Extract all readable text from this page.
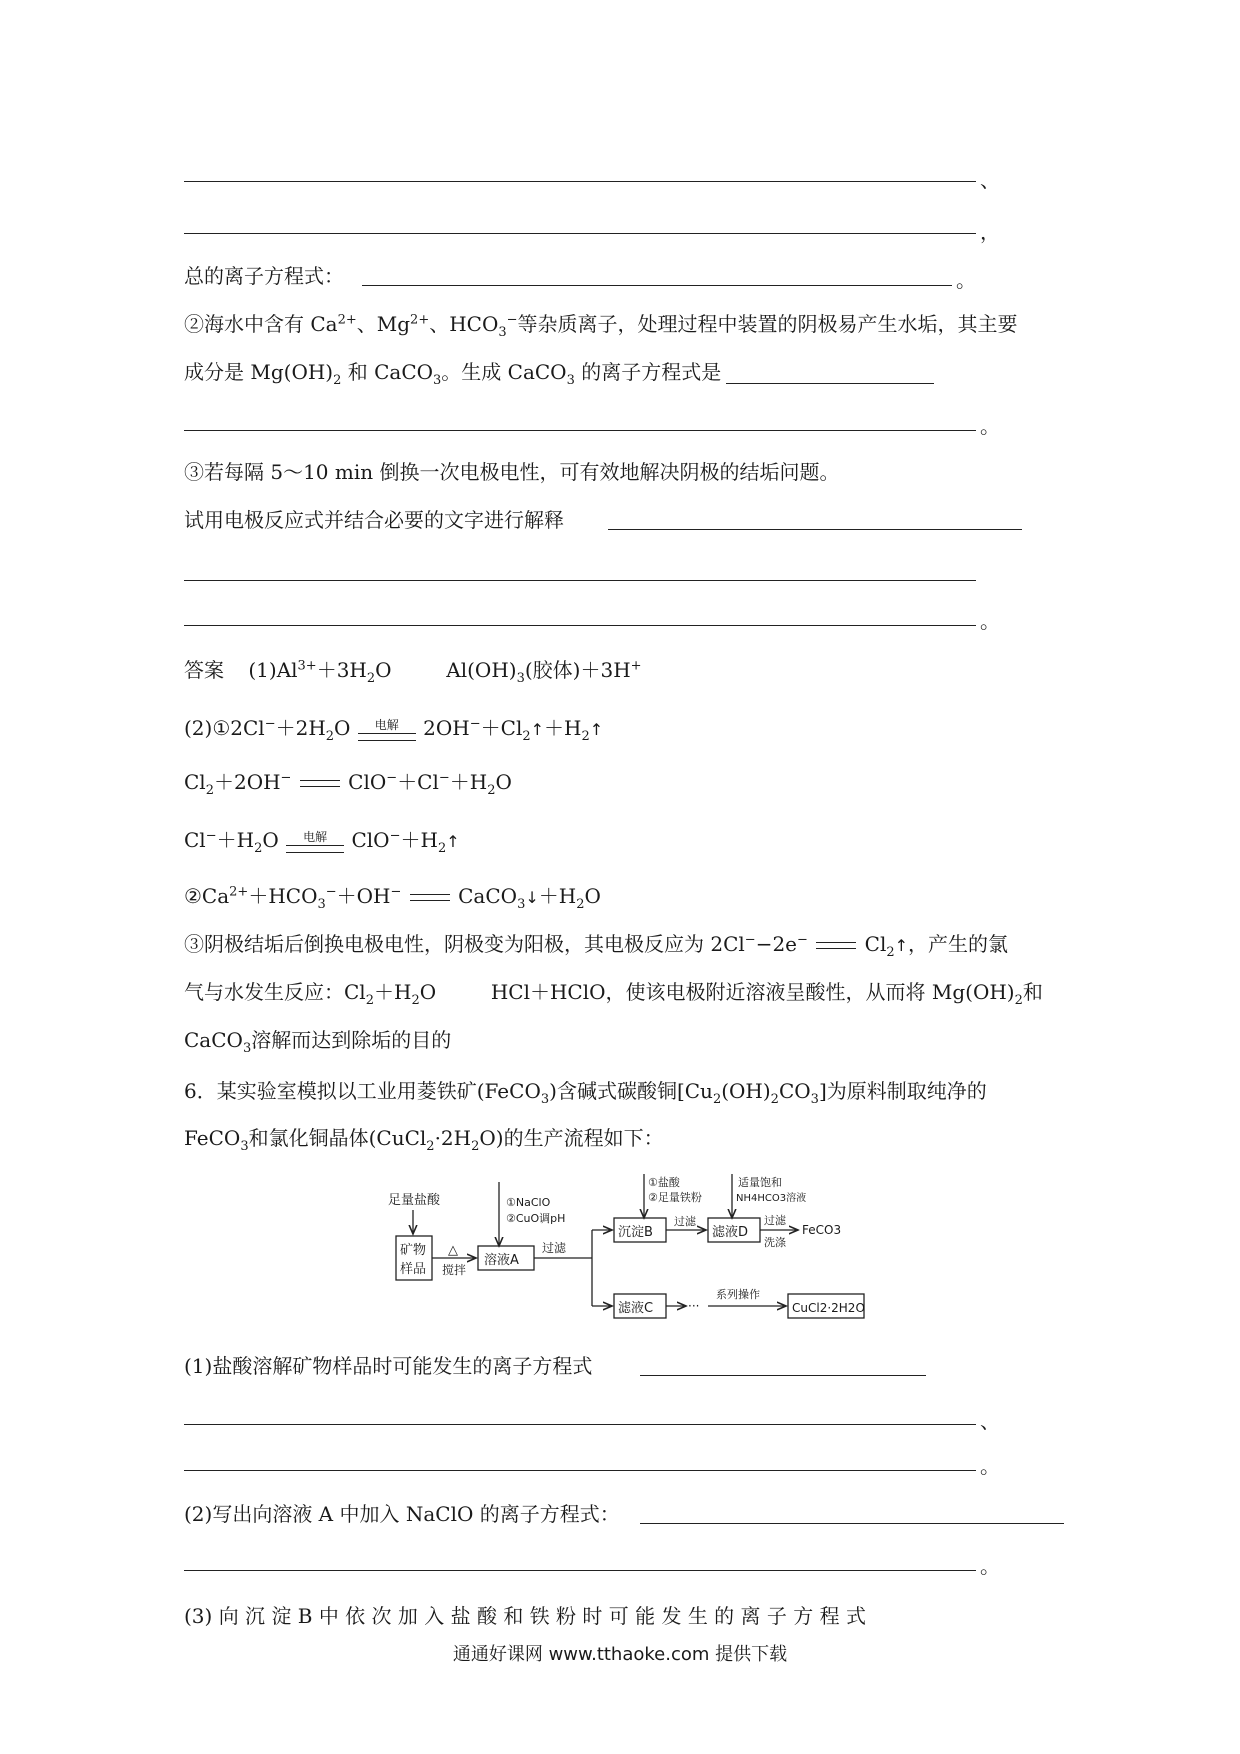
、
，
总的离子方程式：	。
②海水中含有 $Ca^{2+}$、$Mg^{2+}$、$HCO_3^-$等杂质离子，处理过程中装置的阴极易产生水垢，其主要
成分是 $Mg(OH)_2$ 和 CaCO$_3$。生成 CaCO$_3$ 的离子方程式是
。
③若每隔 5～10 min 倒换一次电极电性，可有效地解决阴极的结垢问题。
试用电极反应式并结合必要的文字进行解释
。
答案 $(1)Al^{3+}+3H_2O$	$Al(OH)_3$(胶体)＋3H+
$(2)①2Cl^-+2H_2O$	电解	$2OH^-+Cl_2↑+H_2↑$
$Cl_2+2OH^-$	$ClO^-+Cl^-+H_2O$
$Cl^-+H_2O$	电解	$ClO^-+H_2↑$
$②Ca^{2+}+HCO_3^-+OH^-$	$CaCO_3↓+H_2O$
③阴极结垢后倒换电极电性，阴极变为阳极，其电极反应为 2Cl−−2e−	$Cl_2↑$，产生的氯
气与水发生反应：$Cl_2+H_2O$	HCl＋HClO，使该电极附近溶液呈酸性，从而将 $Mg(OH)_2$和
CaCO$_3$溶解而达到除垢的目的
6．某实验室模拟以工业用菱铁矿(FeCO$_3$)含碱式碳酸铜$[Cu_2(OH)_2CO_3]$为原料制取纯净的
FeCO$_3$和氯化铜晶体$(CuCl_2\cdot 2H_2O)$的生产流程如下：
足量盐酸
矿物
样品
△
搅拌
溶液A
①NaClO
②CuO调pH
过滤
沉淀B
①盐酸
②足量铁粉
过滤
滤液D
适量饱和
NH4HCO3溶液
过滤
洗涤
FeCO3
滤液C	···
系列操作
CuCl2·2H2O
(1)盐酸溶解矿物样品时可能发生的离子方程式
、
。
(2)写出向溶液 A 中加入 NaClO 的离子方程式：
。
(3) 向 沉 淀 B 中 依 次 加 入 盐 酸 和 铁 粉 时 可 能 发 生 的 离 子 方 程 式
通通好课网 www.tthaoke.com 提供下载
